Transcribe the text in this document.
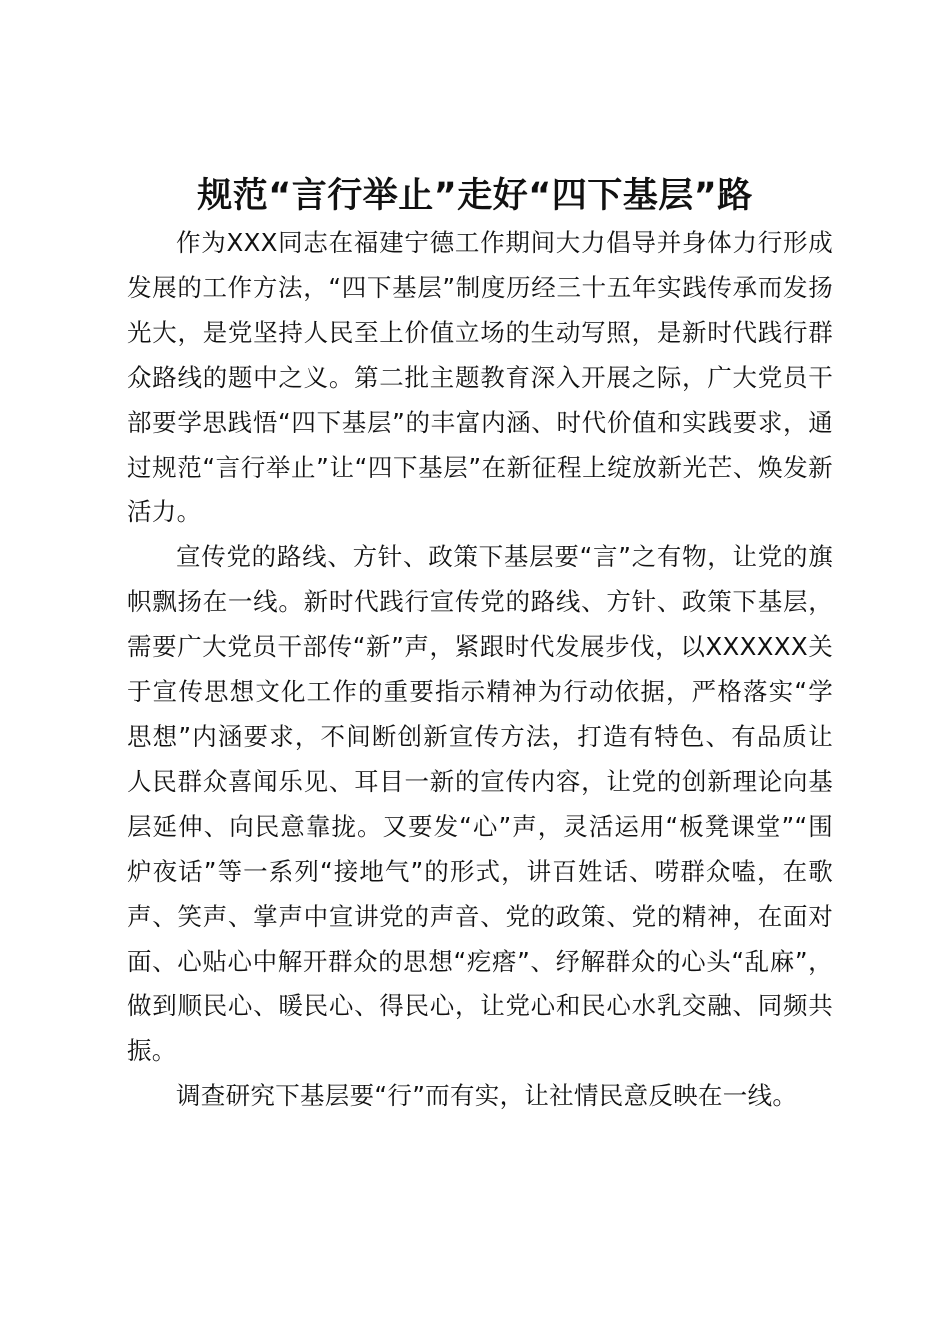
规范“言行举止”走好“四下基层”路

作为XXX同志在福建宁德工作期间大力倡导并身体力行形成发展的工作方法，“四下基层”制度历经三十五年实践传承而发扬光大，是党坚持人民至上价值立场的生动写照，是新时代践行群众路线的题中之义。第二批主题教育深入开展之际，广大党员干部要学思践悟“四下基层”的丰富内涵、时代价值和实践要求，通过规范“言行举止”让“四下基层”在新征程上绽放新光芒、焕发新活力。

宣传党的路线、方针、政策下基层要“言”之有物，让党的旗帜飘扬在一线。新时代践行宣传党的路线、方针、政策下基层，需要广大党员干部传“新”声，紧跟时代发展步伐，以XXXXXX关于宣传思想文化工作的重要指示精神为行动依据，严格落实“学思想”内涵要求，不间断创新宣传方法，打造有特色、有品质让人民群众喜闻乐见、耳目一新的宣传内容，让党的创新理论向基层延伸、向民意靠拢。又要发“心”声，灵活运用“板凳课堂”“围炉夜话”等一系列“接地气”的形式，讲百姓话、唠群众嗑，在歌声、笑声、掌声中宣讲党的声音、党的政策、党的精神，在面对面、心贴心中解开群众的思想“疙瘩”、纾解群众的心头“乱麻”，做到顺民心、暖民心、得民心，让党心和民心水乳交融、同频共振。

调查研究下基层要“行”而有实，让社情民意反映在一线。
